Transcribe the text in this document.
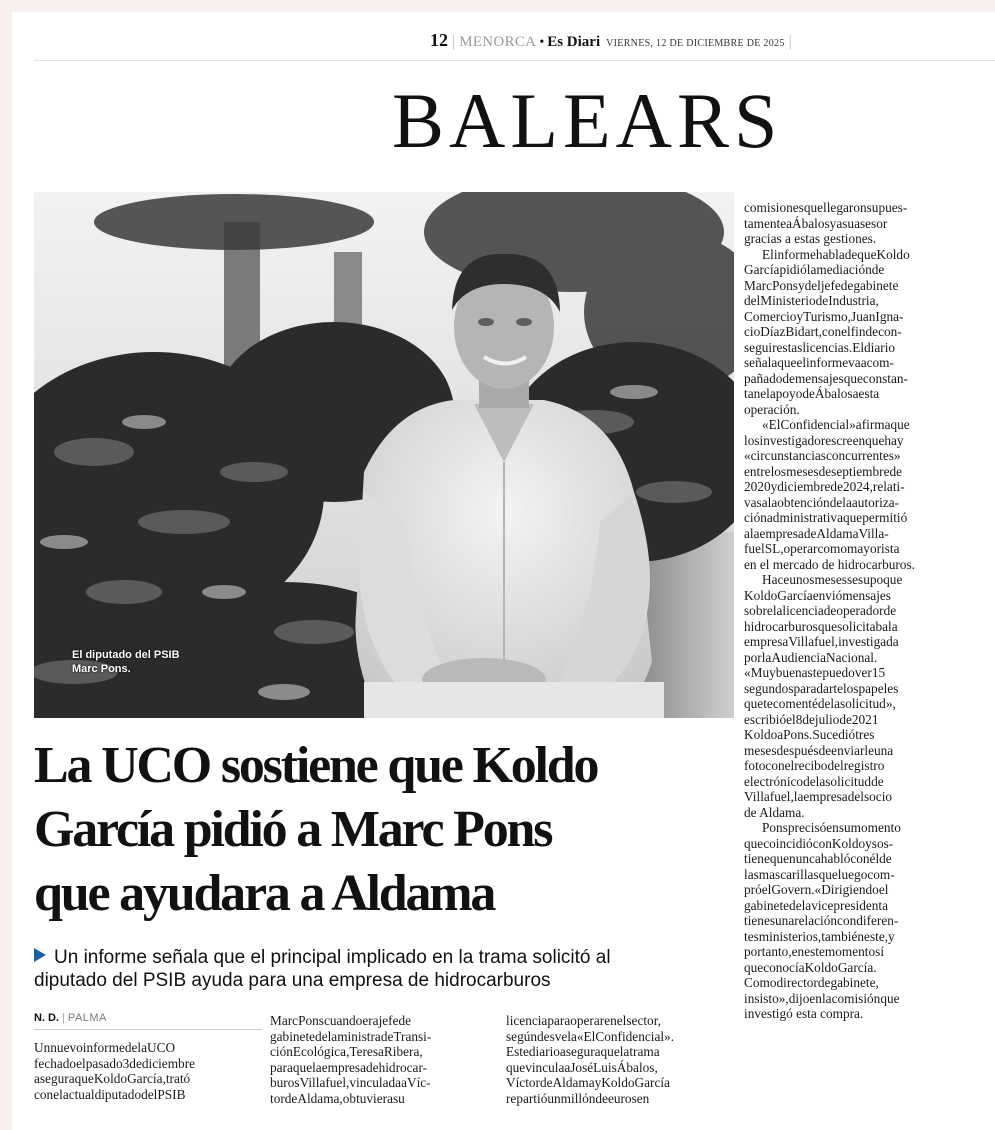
12 | MENORCA • Es Diari VIERNES, 12 DE DICIEMBRE DE 2025 |
BALEARS
El diputado del PSIB
Marc Pons.
La UCO sostiene que Koldo
García pidió a Marc Pons
que ayudara a Aldama
Un informe señala que el principal implicado en la trama solicitó al
diputado del PSIB ayuda para una empresa de hidrocarburos
N. D. | PALMA
UnnuevoinformedelaUCO
fechadoelpasado3dediciembre
aseguraqueKoldoGarcía,trató
conelactualdiputadodelPSIB
MarcPonscuandoerajefede
gabinetedelaministradeTransi-
ciónEcológica,TeresaRibera,
paraquelaempresadehidrocar-
burosVillafuel,vinculadaaVíc-
tordeAldama,obtuvierasu
licenciaparaoperarenelsector,
segúndesvela«ElConfidencial».
Estediarioaseguraquelatrama
quevinculaaJoséLuisÁbalos,
VíctordeAldamayKoldoGarcía
repartióunmillóndeeurosen
comisionesquellegaronsupues-
tamenteaÁbalosyasuasesor
gracias a estas gestiones.
ElinformehabladequeKoldo
Garcíapidiólamediaciónde
MarcPonsydeljefedegabinete
delMinisteriodeIndustria,
ComercioyTurismo,JuanIgna-
cioDíazBidart,conelfindecon-
seguirestaslicencias.Eldiario
señalaqueelinformevaacom-
pañadodemensajesqueconstan-
tanelapoyodeÁbalosaesta
operación.
«ElConfidencial»afirmaque
losinvestigadorescreenquehay
«circunstanciasconcurrentes»
entrelosmesesdeseptiembrede
2020ydiciembrede2024,relati-
vasalaobtencióndelaautoriza-
ciónadministrativaquepermitió
alaempresadeAldamaVilla-
fuelSL,operarcomomayorista
en el mercado de hidrocarburos.
Haceunosmesessesupoque
KoldoGarcíaenviómensajes
sobrelalicenciadeoperadorde
hidrocarburosquesolicitabala
empresaVillafuel,investigada
porlaAudienciaNacional.
«Muybuenastepuedover15
segundosparadartelospapeles
quetecomentédelasolicitud»,
escribióel8dejuliode2021
KoldoaPons.Sucediótres
mesesdespuésdeenviarleuna
fotoconelrecibodelregistro
electrónicodelasolicitudde
Villafuel,laempresadelsocio
de Aldama.
Ponsprecisóensumomento
quecoincidióconKoldoysos-
tienequenuncahablóconélde
lasmascarillasqueluegocom-
próelGovern.«Dirigiendoel
gabinetedelavicepresidenta
tienesunarelacióncondiferen-
tesministerios,tambiéneste,y
portanto,enestemomentosí
queconocíaKoldoGarcía.
Comodirectordegabinete,
insisto»,dijoenlacomisiónque
investigó esta compra.
